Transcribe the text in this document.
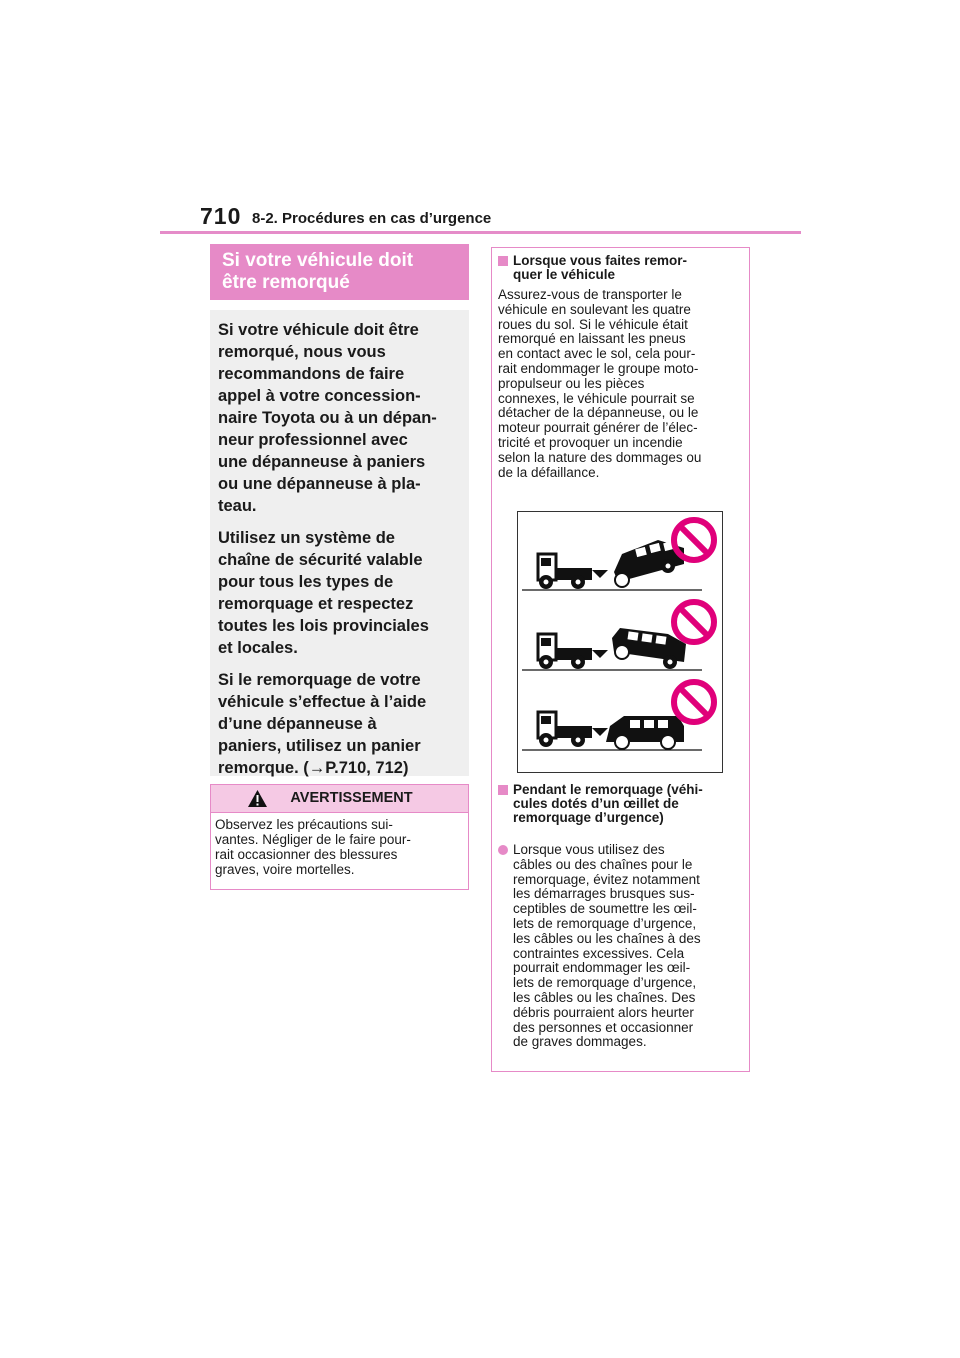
710 8-2. Procédures en cas d’urgence
Si votre véhicule doit
être remorqué

Si votre véhicule doit être
remorqué, nous vous
recommandons de faire
appel à votre concession-
naire Toyota ou à un dépan-
neur professionnel avec
une dépanneuse à paniers
ou une dépanneuse à pla-
teau.

Utilisez un système de
chaîne de sécurité valable
pour tous les types de
remorquage et respectez
toutes les lois provinciales
et locales.

Si le remorquage de votre
véhicule s’effectue à l’aide
d’une dépanneuse à
paniers, utilisez un panier
remorque. (→P.710, 712)

AVERTISSEMENT
Observez les précautions sui-
vantes. Négliger de le faire pour-
rait occasionner des blessures
graves, voire mortelles.
Lorsque vous faites remor-
quer le véhicule
Assurez-vous de transporter le
véhicule en soulevant les quatre
roues du sol. Si le véhicule était
remorqué en laissant les pneus
en contact avec le sol, cela pour-
rait endommager le groupe moto-
propulseur ou les pièces
connexes, le véhicule pourrait se
détacher de la dépanneuse, ou le
moteur pourrait générer de l’élec-
tricité et provoquer un incendie
selon la nature des dommages ou
de la défaillance.
Pendant le remorquage (véhi-
cules dotés d’un œillet de
remorquage d’urgence)
Lorsque vous utilisez des
câbles ou des chaînes pour le
remorquage, évitez notamment
les démarrages brusques sus-
ceptibles de soumettre les œil-
lets de remorquage d’urgence,
les câbles ou les chaînes à des
contraintes excessives. Cela
pourrait endommager les œil-
lets de remorquage d’urgence,
les câbles ou les chaînes. Des
débris pourraient alors heurter
des personnes et occasionner
de graves dommages.
